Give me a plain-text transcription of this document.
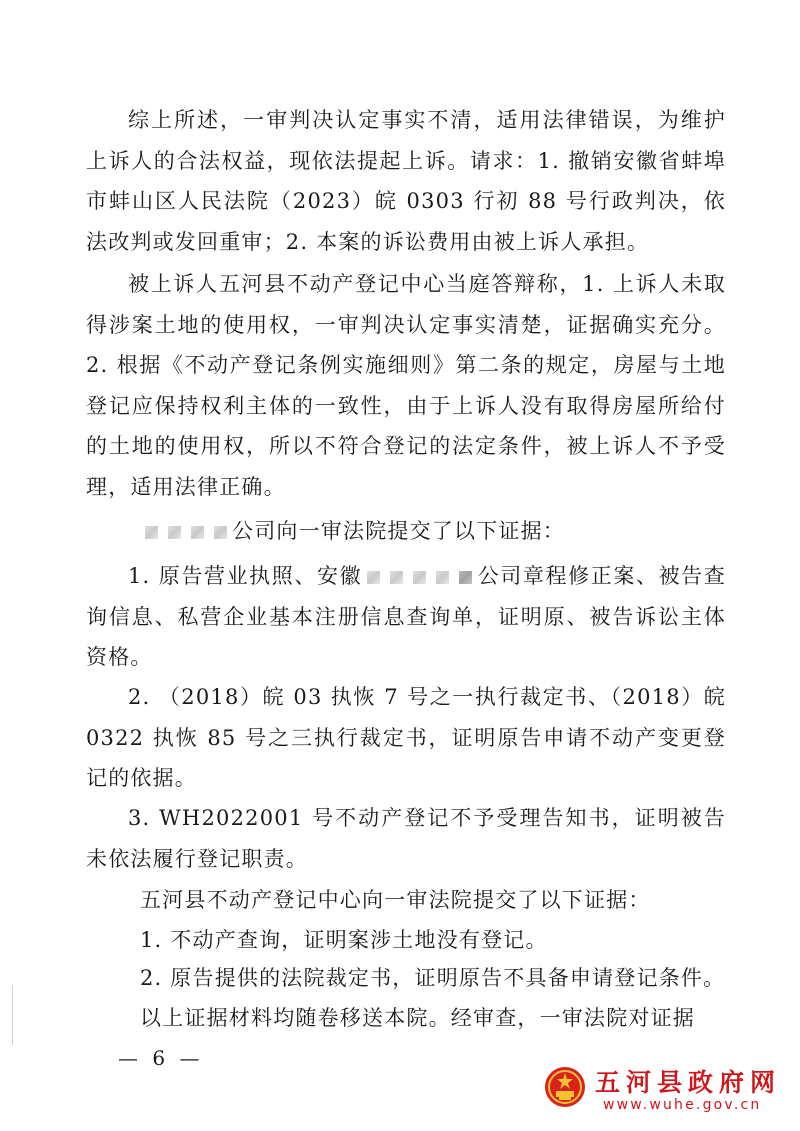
综上所述，一审判决认定事实不清，适用法律错误，为维护上诉人的合法权益，现依法提起上诉。请求：1. 撤销安徽省蚌埠市蚌山区人民法院（2023）皖 0303 行初 88 号行政判决，依法改判或发回重审；2. 本案的诉讼费用由被上诉人承担。

被上诉人五河县不动产登记中心当庭答辩称，1. 上诉人未取得涉案土地的使用权，一审判决认定事实清楚，证据确实充分。2. 根据《不动产登记条例实施细则》第二条的规定，房屋与土地登记应保持权利主体的一致性，由于上诉人没有取得房屋所给付的土地的使用权，所以不符合登记的法定条件，被上诉人不予受理，适用法律正确。

公司向一审法院提交了以下证据：

1. 原告营业执照、安徽	公司章程修正案、被告查询信息、私营企业基本注册信息查询单，证明原、被告诉讼主体资格。

2. （2018）皖 03 执恢 7 号之一执行裁定书、（2018）皖 0322 执恢 85 号之三执行裁定书，证明原告申请不动产变更登记的依据。

3. WH2022001 号不动产登记不予受理告知书，证明被告未依法履行登记职责。

五河县不动产登记中心向一审法院提交了以下证据：
1. 不动产查询，证明案涉土地没有登记。
2. 原告提供的法院裁定书，证明原告不具备申请登记条件。
以上证据材料均随卷移送本院。经审查，一审法院对证据
— 6 —
五河县政府网
www.wuhe.gov.cn
